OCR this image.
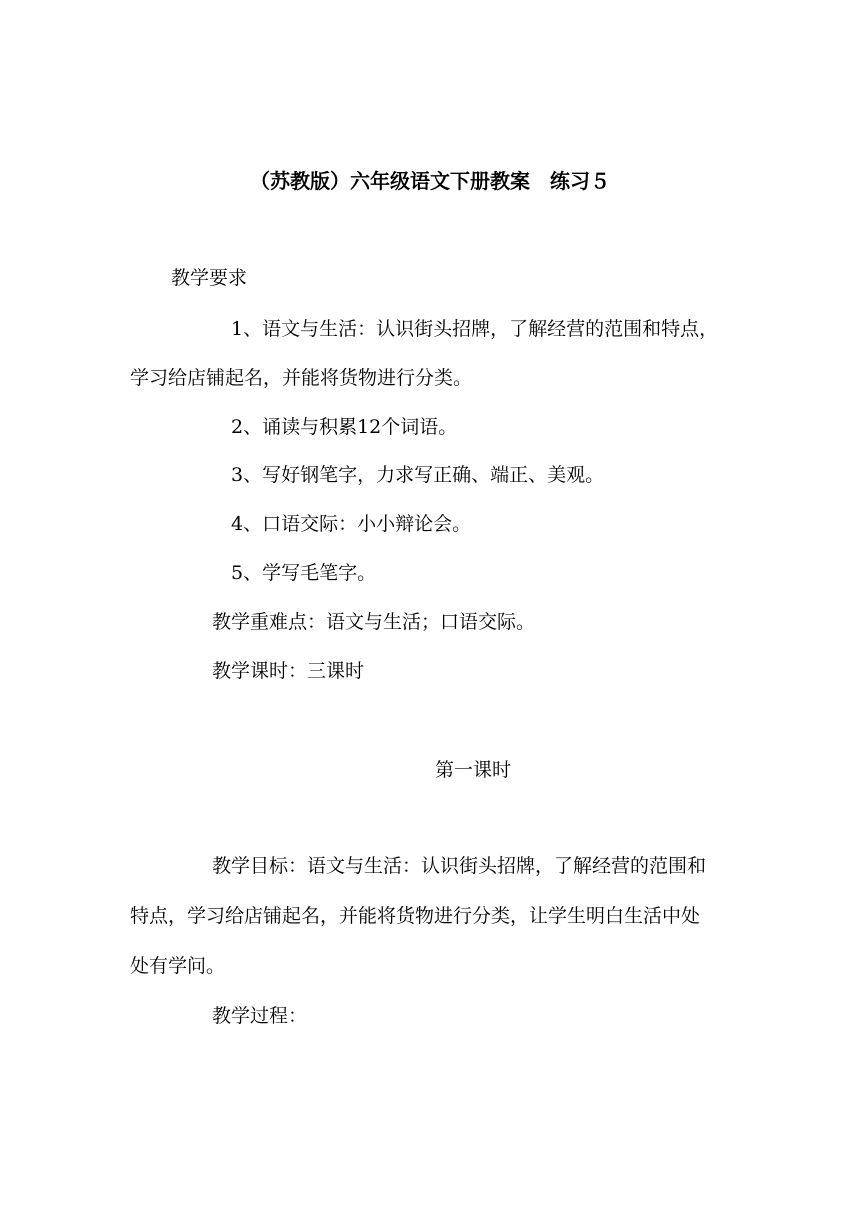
（苏教版）六年级语文下册教案　练习５
教学要求
1、语文与生活：认识街头招牌，了解经营的范围和特点，
学习给店铺起名，并能将货物进行分类。
2、诵读与积累12个词语。
3、写好钢笔字，力求写正确、端正、美观。
4、口语交际：小小辩论会。
5、学写毛笔字。
教学重难点：语文与生活；口语交际。
教学课时：三课时
第一课时
教学目标：语文与生活：认识街头招牌，了解经营的范围和
特点，学习给店铺起名，并能将货物进行分类，让学生明白生活中处
处有学问。
教学过程：
